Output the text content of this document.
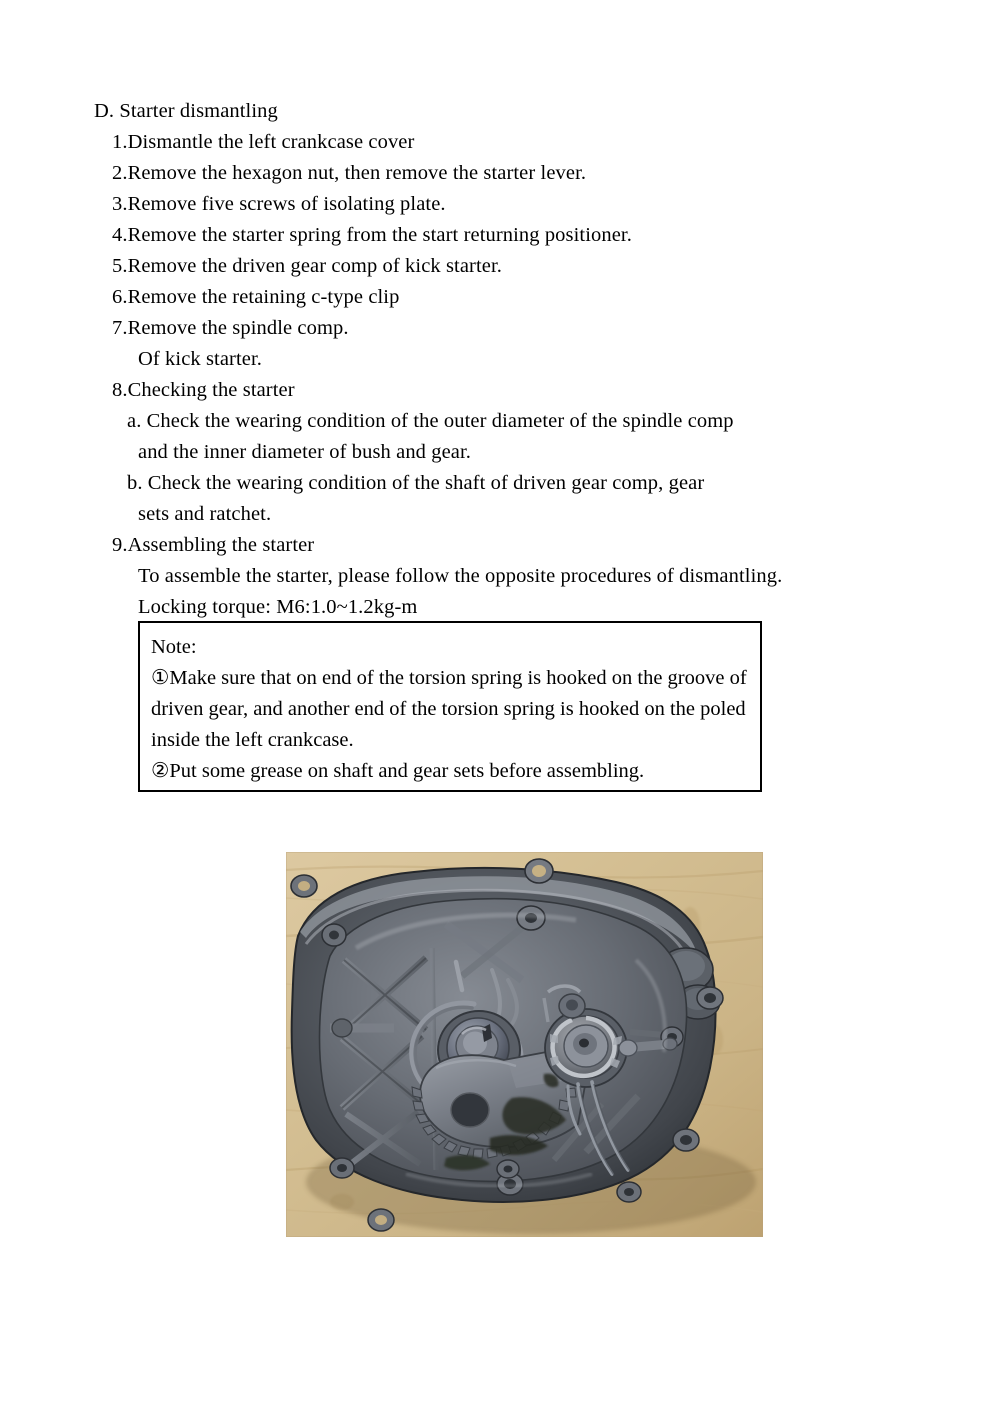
D. Starter dismantling
1.Dismantle the left crankcase cover
2.Remove the hexagon nut, then remove the starter lever.
3.Remove five screws of isolating plate.
4.Remove the starter spring from the start returning positioner.
5.Remove the driven gear comp of kick starter.
6.Remove the retaining c-type clip
7.Remove the spindle comp.
Of kick starter.
8.Checking the starter
a. Check the wearing condition of the outer diameter of the spindle comp
and the inner diameter of bush and gear.
b. Check the wearing condition of the shaft of driven gear comp, gear
sets and ratchet.
9.Assembling the starter
To assemble the starter, please follow the opposite procedures of dismantling.
Locking torque: M6:1.0~1.2kg-m
Note:
①Make sure that on end of the torsion spring is hooked on the groove of
driven gear, and another end of the torsion spring is hooked on the poled
inside the left crankcase.
②Put some grease on shaft and gear sets before assembling.
